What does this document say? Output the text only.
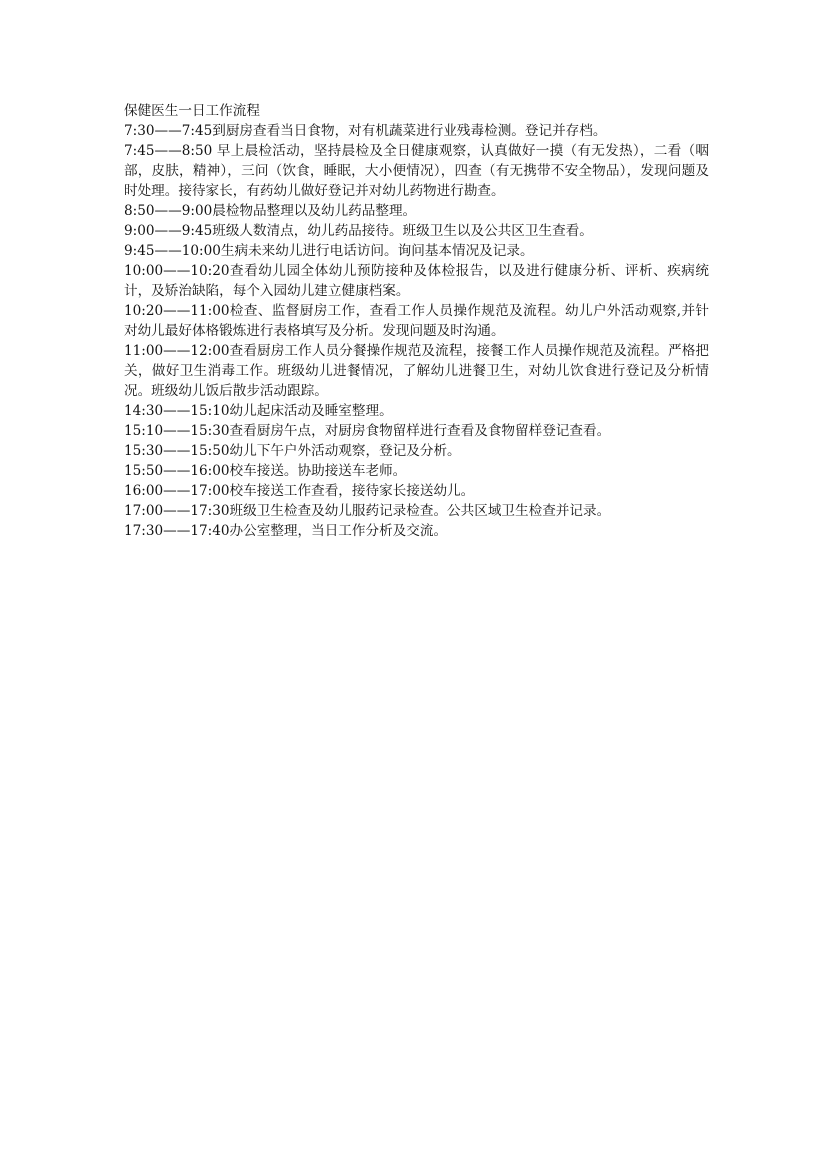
保健医生一日工作流程

7:30——7:45到厨房查看当日食物，对有机蔬菜进行业残毒检测。登记并存档。

7:45——8:50 早上晨检活动，坚持晨检及全日健康观察，认真做好一摸（有无发热），二看（咽部，皮肤，精神），三问（饮食，睡眠，大小便情况），四查（有无携带不安全物品），发现问题及时处理。接待家长，有药幼儿做好登记并对幼儿药物进行勘查。

8:50——9:00晨检物品整理以及幼儿药品整理。

9:00——9:45班级人数清点，幼儿药品接待。班级卫生以及公共区卫生查看。

9:45——10:00生病未来幼儿进行电话访问。询问基本情况及记录。

10:00——10:20查看幼儿园全体幼儿预防接种及体检报告，以及进行健康分析、评析、疾病统计，及矫治缺陷，每个入园幼儿建立健康档案。

10:20——11:00检查、监督厨房工作，查看工作人员操作规范及流程。幼儿户外活动观察,并针对幼儿最好体格锻炼进行表格填写及分析。发现问题及时沟通。

11:00——12:00查看厨房工作人员分餐操作规范及流程，接餐工作人员操作规范及流程。严格把关，做好卫生消毒工作。班级幼儿进餐情况，了解幼儿进餐卫生，对幼儿饮食进行登记及分析情况。班级幼儿饭后散步活动跟踪。

14:30——15:10幼儿起床活动及睡室整理。

15:10——15:30查看厨房午点，对厨房食物留样进行查看及食物留样登记查看。

15:30——15:50幼儿下午户外活动观察，登记及分析。

15:50——16:00校车接送。协助接送车老师。

16:00——17:00校车接送工作查看，接待家长接送幼儿。

17:00——17:30班级卫生检查及幼儿服药记录检查。公共区域卫生检查并记录。

17:30——17:40办公室整理，当日工作分析及交流。
